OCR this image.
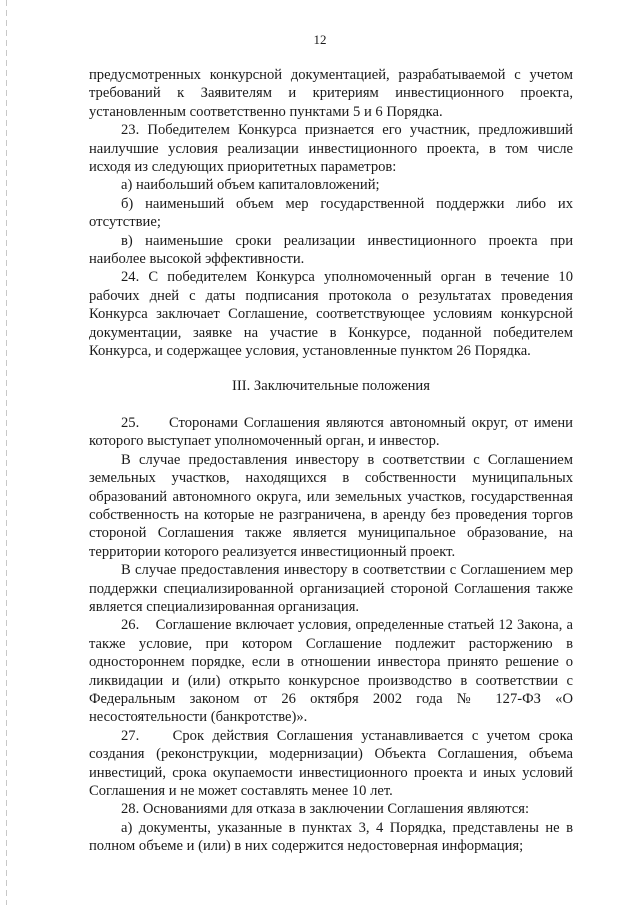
12

предусмотренных конкурсной документацией, разрабатываемой с учетом требований к Заявителям и критериям инвестиционного проекта, установленным соответственно пунктами 5 и 6 Порядка.

23. Победителем Конкурса признается его участник, предложивший наилучшие условия реализации инвестиционного проекта, в том числе исходя из следующих приоритетных параметров:

а) наибольший объем капиталовложений;

б) наименьший объем мер государственной поддержки либо их отсутствие;

в) наименьшие сроки реализации инвестиционного проекта при наиболее высокой эффективности.

24. С победителем Конкурса уполномоченный орган в течение 10 рабочих дней с даты подписания протокола о результатах проведения Конкурса заключает Соглашение, соответствующее условиям конкурсной документации, заявке на участие в Конкурсе, поданной победителем Конкурса, и содержащее условия, установленные пунктом 26 Порядка.

III. Заключительные положения

25.     Сторонами Соглашения являются автономный округ, от имени которого выступает уполномоченный орган, и инвестор.

В случае предоставления инвестору в соответствии с Соглашением земельных участков, находящихся в собственности муниципальных образований автономного округа, или земельных участков, государственная собственность на которые не разграничена, в аренду без проведения торгов стороной Соглашения также является муниципальное образование, на территории которого реализуется инвестиционный проект.

В случае предоставления инвестору в соответствии с Соглашением мер поддержки специализированной организацией стороной Соглашения также является специализированная организация.

26.    Соглашение включает условия, определенные статьей 12 Закона, а также условие, при котором Соглашение подлежит расторжению в одностороннем порядке, если в отношении инвестора принято решение о ликвидации и (или) открыто конкурсное производство в соответствии с Федеральным законом от 26 октября 2002 года № 127-ФЗ «О несостоятельности (банкротстве)».

27.    Срок действия Соглашения устанавливается с учетом срока создания (реконструкции, модернизации) Объекта Соглашения, объема инвестиций, срока окупаемости инвестиционного проекта и иных условий Соглашения и не может составлять менее 10 лет.

28. Основаниями для отказа в заключении Соглашения являются:

а) документы, указанные в пунктах 3, 4 Порядка, представлены не в полном объеме и (или) в них содержится недостоверная информация;
